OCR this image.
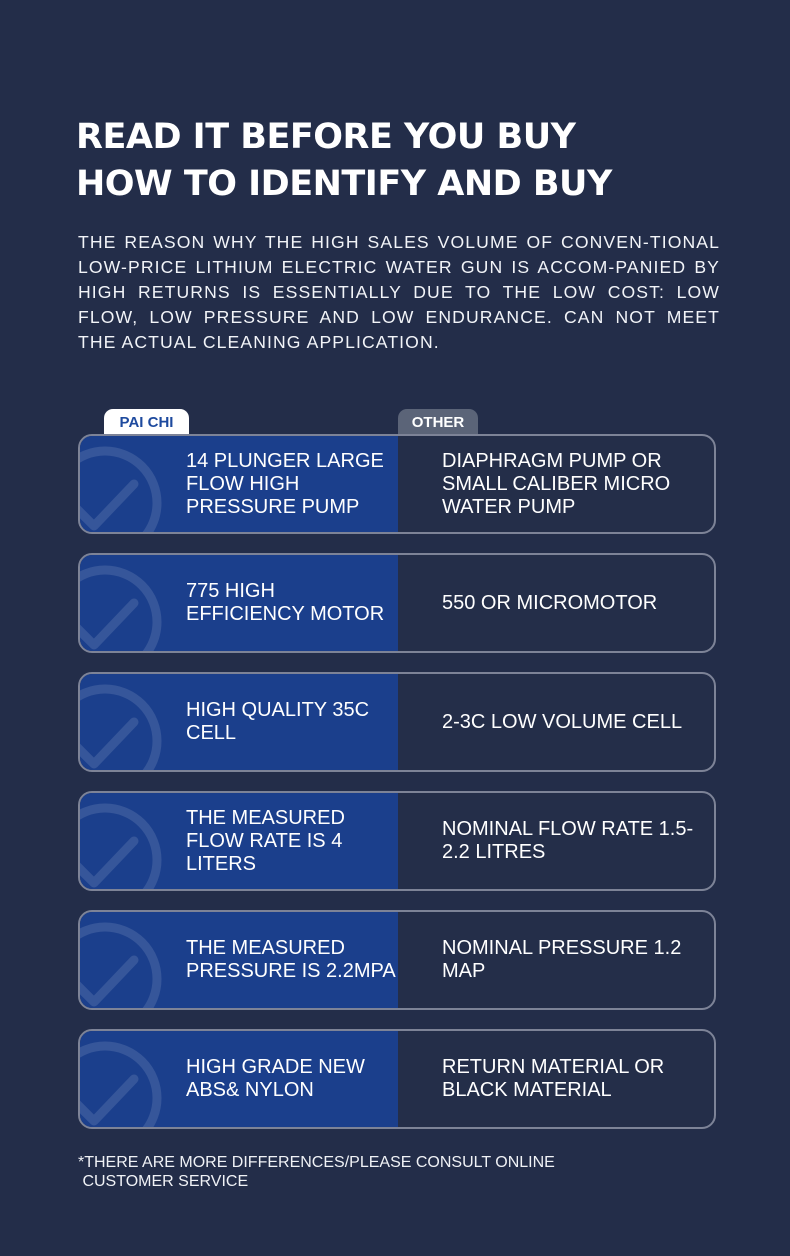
READ IT BEFORE YOU BUY
HOW TO IDENTIFY AND BUY

THE REASON WHY THE HIGH SALES VOLUME OF CONVEN-TIONAL LOW-PRICE LITHIUM ELECTRIC WATER GUN IS ACCOM-PANIED BY HIGH RETURNS IS ESSENTIALLY DUE TO THE LOW COST: LOW FLOW, LOW PRESSURE AND LOW ENDURANCE. CAN NOT MEET THE ACTUAL CLEANING APPLICATION.

PAI CHI	OTHER
14 PLUNGER LARGE FLOW HIGH PRESSURE PUMP
DIAPHRAGM PUMP OR SMALL CALIBER MICRO WATER PUMP
775 HIGH EFFICIENCY MOTOR
550 OR MICROMOTOR
HIGH QUALITY 35C CELL
2-3C LOW VOLUME CELL
THE MEASURED FLOW RATE IS 4 LITERS
NOMINAL FLOW RATE 1.5-2.2 LITRES
THE MEASURED PRESSURE IS 2.2MPA
NOMINAL PRESSURE 1.2 MAP
HIGH GRADE NEW ABS& NYLON
RETURN MATERIAL OR BLACK MATERIAL

*THERE ARE MORE DIFFERENCES/PLEASE CONSULT ONLINE
CUSTOMER SERVICE
